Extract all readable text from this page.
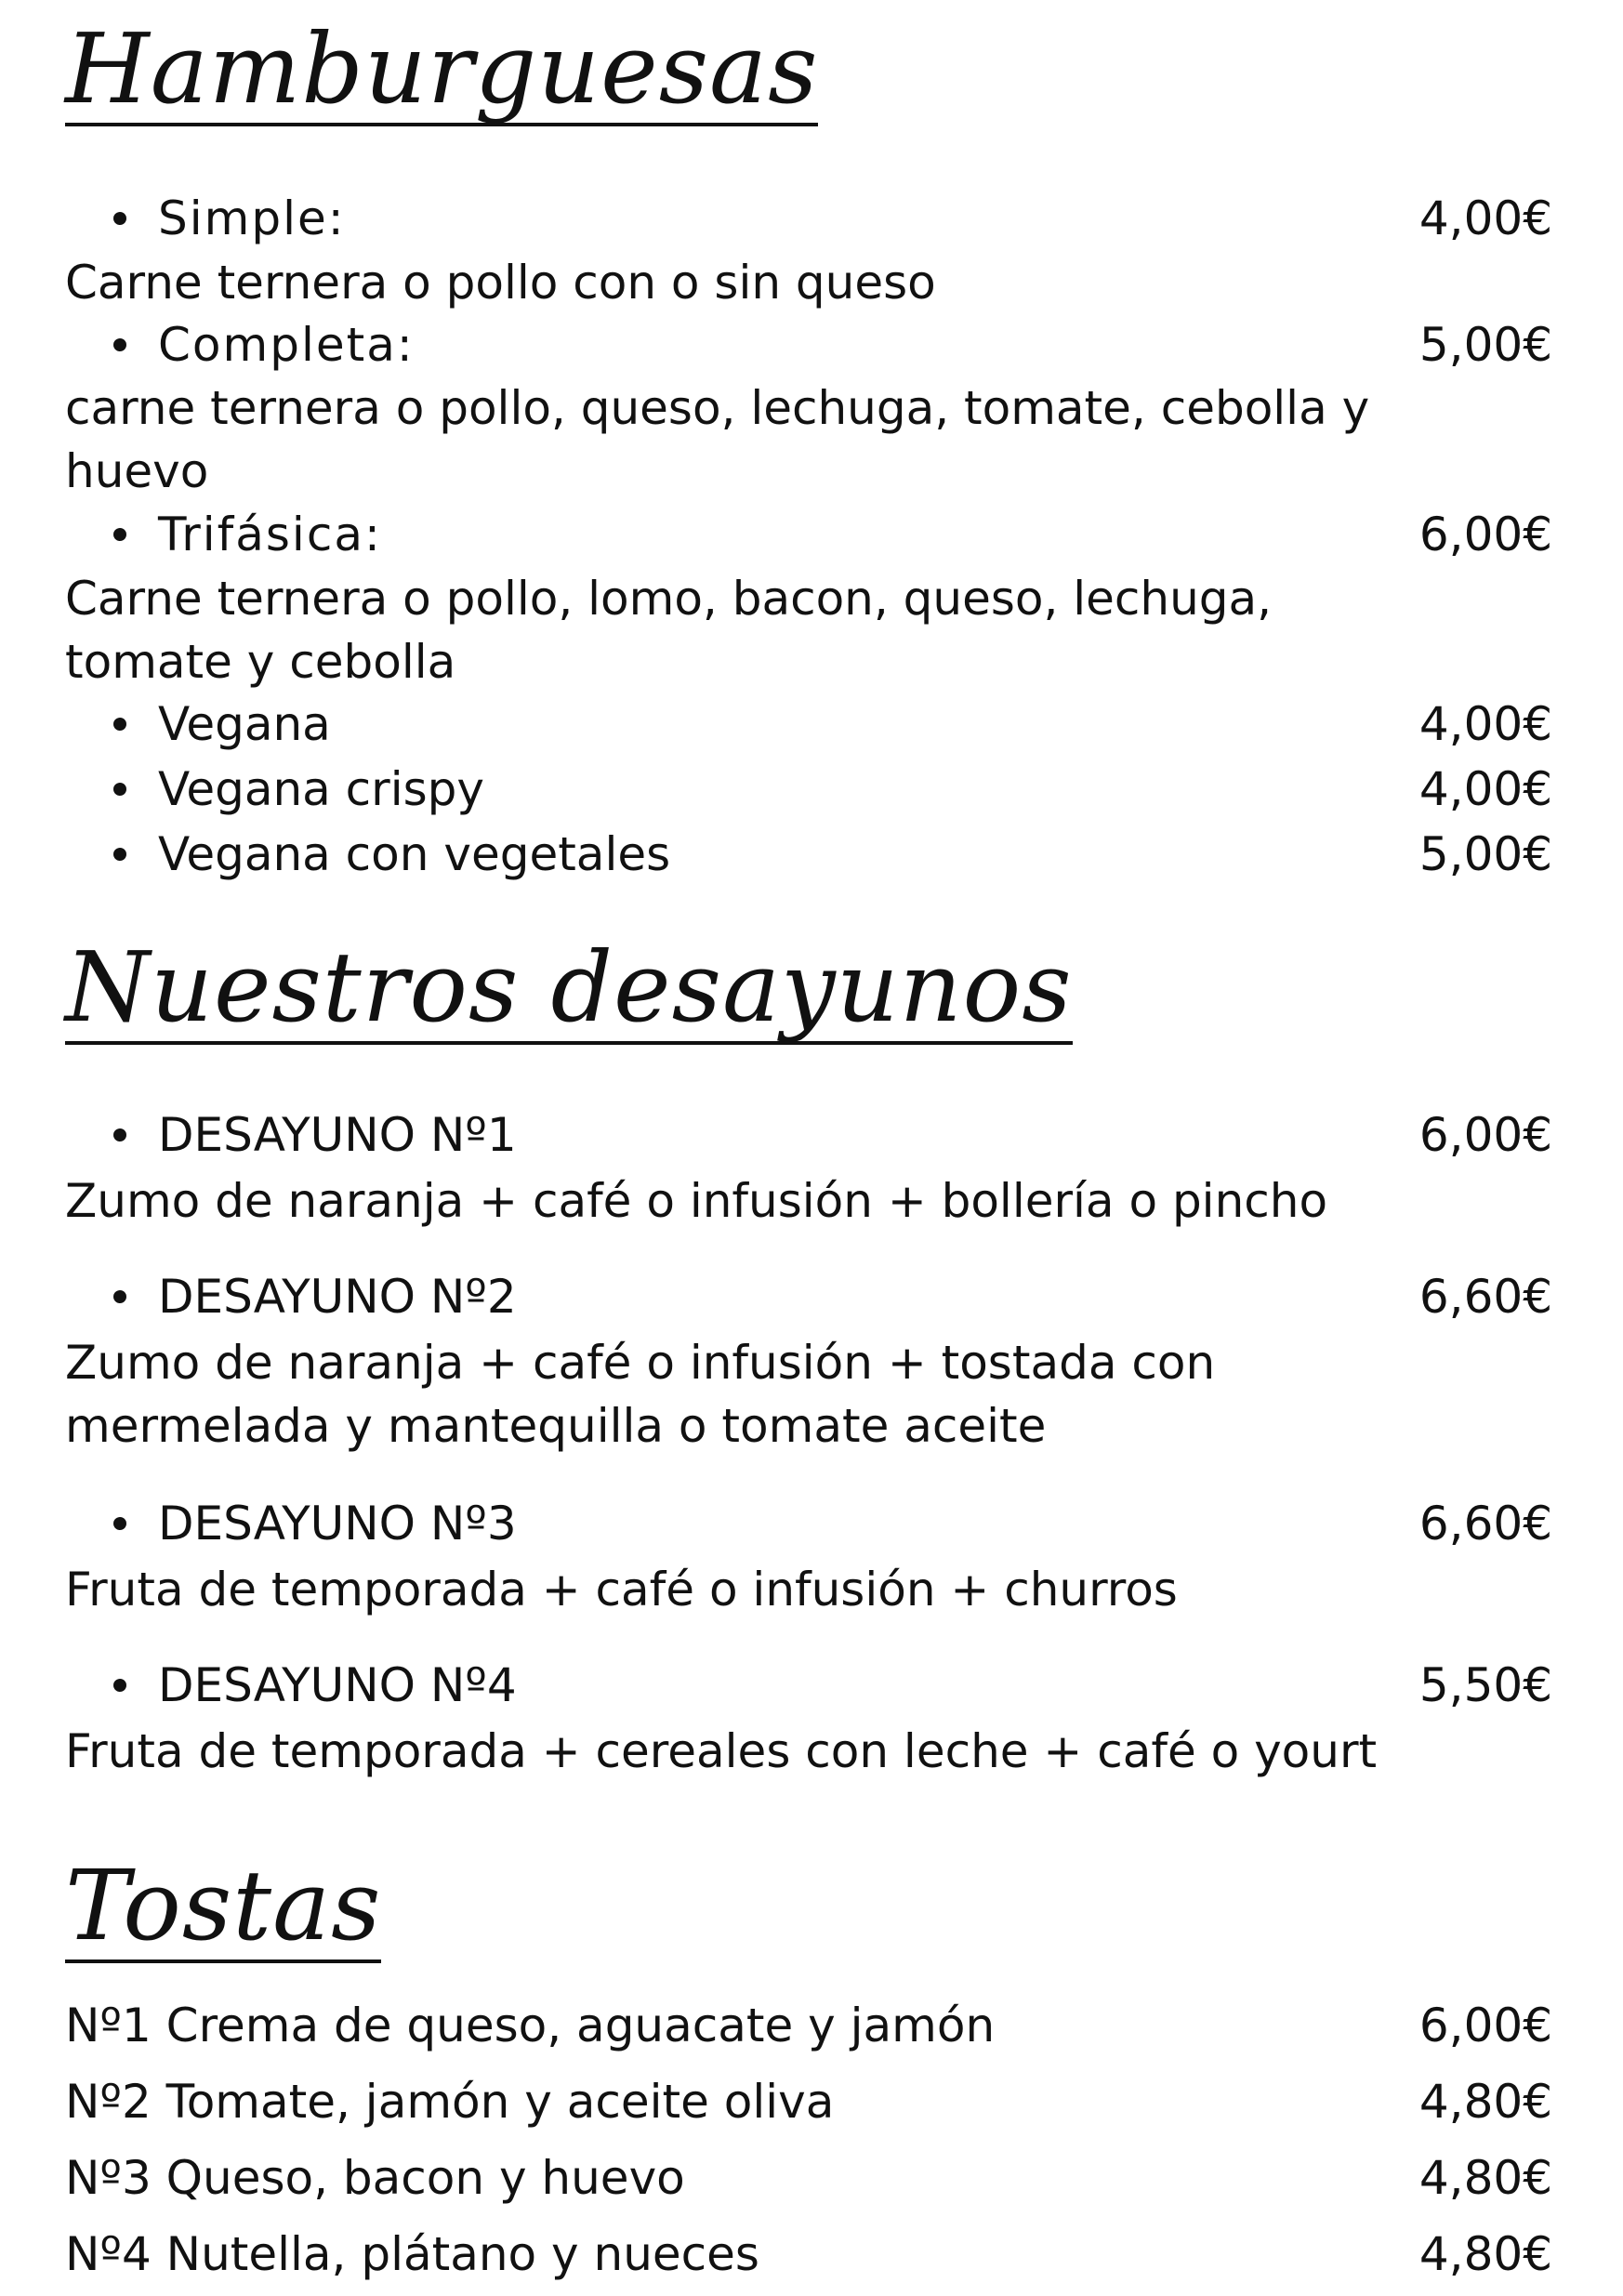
Hamburguesas
Simple:	4,00€
Carne ternera o pollo con o sin queso
Completa:	5,00€
carne ternera o pollo, queso, lechuga, tomate, cebolla y huevo
Trifásica:	6,00€
Carne ternera o pollo, lomo, bacon, queso, lechuga, tomate y cebolla
Vegana	4,00€
Vegana crispy	4,00€
Vegana con vegetales	5,00€
Nuestros desayunos
DESAYUNO Nº1	6,00€
Zumo de naranja + café o infusión + bollería o pincho
DESAYUNO Nº2	6,60€
Zumo de naranja + café o infusión + tostada con mermelada y mantequilla o tomate aceite
DESAYUNO Nº3	6,60€
Fruta de temporada + café o infusión + churros
DESAYUNO Nº4	5,50€
Fruta de temporada + cereales con leche + café o yourt
Tostas
Nº1 Crema de queso, aguacate y jamón	6,00€
Nº2 Tomate, jamón y aceite oliva	4,80€
Nº3 Queso, bacon y huevo	4,80€
Nº4 Nutella, plátano y nueces	4,80€
